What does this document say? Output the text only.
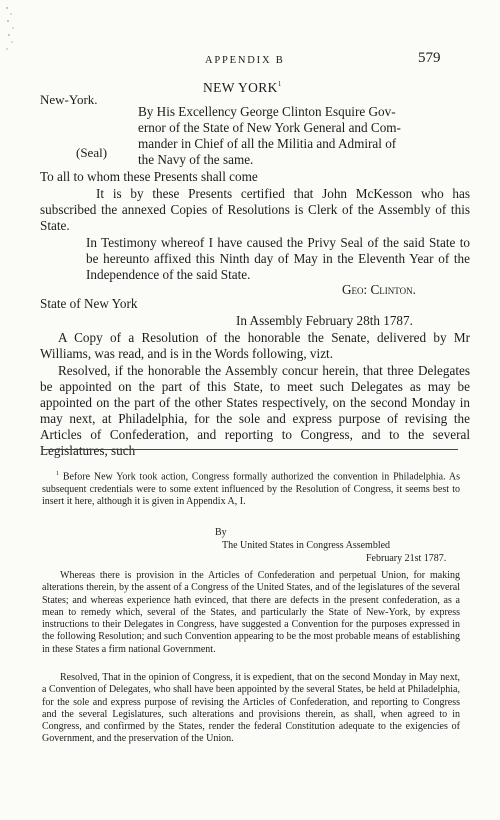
APPENDIX B	579
NEW YORK$^1$
New-York.
By His Excellency George Clinton Esquire Gov-
ernor of the State of New York General and Com-
mander in Chief of all the Militia and Admiral of
the Navy of the same.
(Seal)
To all to whom these Presents shall come
It is by these Presents certified that John McKesson who has subscribed the annexed Copies of Resolutions is Clerk of the Assembly of this State.
In Testimony whereof I have caused the Privy Seal of the said State to be hereunto affixed this Ninth day of May in the Eleventh Year of the Independence of the said State.
Geo: Clinton.
State of New York
In Assembly February 28th 1787.
A Copy of a Resolution of the honorable the Senate, delivered by Mr Williams, was read, and is in the Words following, vizt.
Resolved, if the honorable the Assembly concur herein, that three Delegates be appointed on the part of this State, to meet such Delegates as may be appointed on the part of the other States respectively, on the second Monday in may next, at Philadelphia, for the sole and express purpose of revising the Articles of Confederation, and reporting to Congress, and to the several Legislatures, such
$^1$ Before New York took action, Congress formally authorized the convention in Philadelphia. As subsequent credentials were to some extent influenced by the Resolution of Congress, it seems best to insert it here, although it is given in Appendix A, I.
By
The United States in Congress Assembled
February 21st 1787.
Whereas there is provision in the Articles of Confederation and perpetual Union, for making alterations therein, by the assent of a Congress of the United States, and of the legislatures of the several States; and whereas experience hath evinced, that there are defects in the present confederation, as a mean to remedy which, several of the States, and particularly the State of New-York, by express instructions to their Delegates in Congress, have suggested a Convention for the purposes expressed in the following Resolution; and such Convention appearing to be the most probable means of establishing in these States a firm national Government.
Resolved, That in the opinion of Congress, it is expedient, that on the second Monday in May next, a Convention of Delegates, who shall have been appointed by the several States, be held at Philadelphia, for the sole and express purpose of revising the Articles of Confederation, and reporting to Congress and the several Legislatures, such alterations and provisions therein, as shall, when agreed to in Congress, and confirmed by the States, render the federal Constitution adequate to the exigencies of Government, and the preservation of the Union.
